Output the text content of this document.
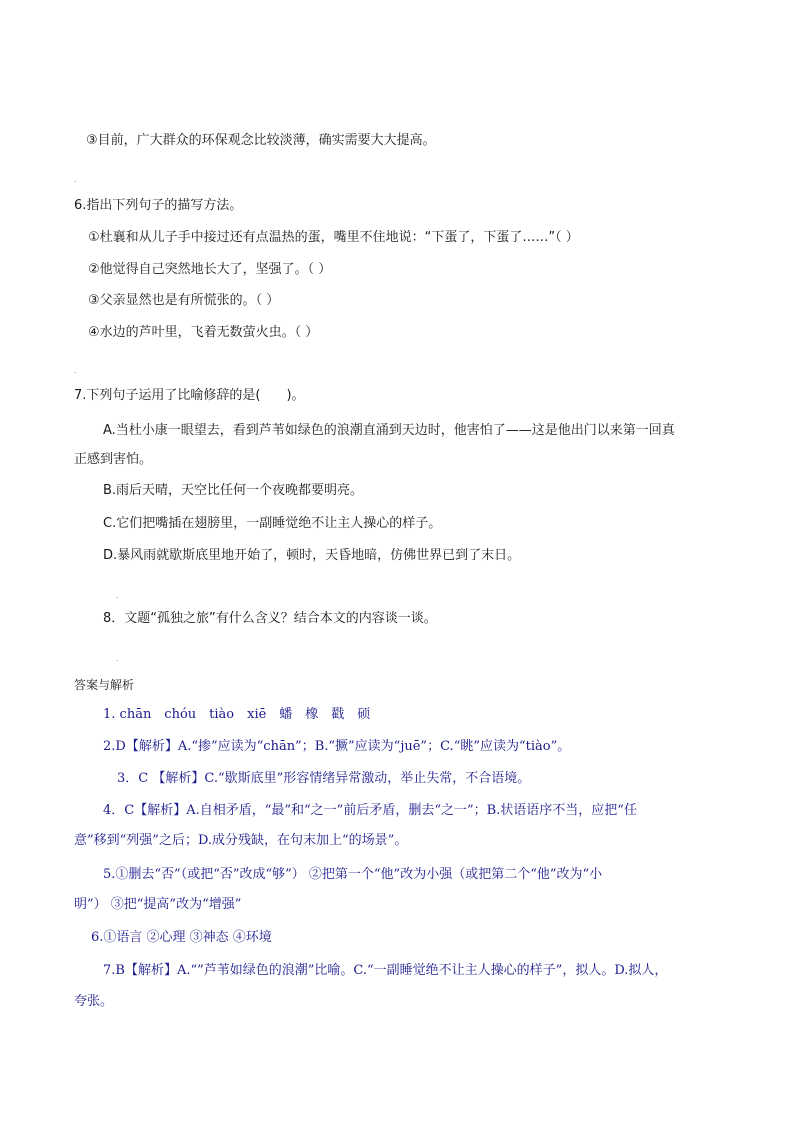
③目前，广大群众的环保观念比较淡薄，确实需要大大提高。
.
6.指出下列句子的描写方法。
①杜襄和从儿子手中接过还有点温热的蛋，嘴里不住地说：“下蛋了，下蛋了……”（ ）
②他觉得自己突然地长大了，坚强了。（ ）
③父亲显然也是有所慌张的。（ ）
④水边的芦叶里，飞着无数萤火虫。（ ）
.
7.下列句子运用了比喻修辞的是(　　)。
A.当杜小康一眼望去，看到芦苇如绿色的浪潮直涌到天边时，他害怕了——这是他出门以来第一回真
正感到害怕。
B.雨后天晴，天空比任何一个夜晚都要明亮。
C.它们把嘴插在翅膀里，一副睡觉绝不让主人操心的样子。
D.暴风雨就歇斯底里地开始了，顿时，天昏地暗，仿佛世界已到了末日。
.
8．文题“孤独之旅”有什么含义？结合本文的内容谈一谈。
.
答案与解析
1. chān　chóu　tiào　xiē　蟠　橡　戳　硕
2.D【解析】A.“掺”应读为“chān”；B.“撅”应读为“juē”；C.“眺”应读为“tiào”。
3．C 【解析】C.“歇斯底里”形容情绪异常激动，举止失常，不合语境。
4．C【解析】A.自相矛盾，“最”和“之一”前后矛盾，删去“之一”；B.状语语序不当，应把“任
意”移到“列强”之后；D.成分残缺，在句末加上“的场景”。
5.①删去“否”（或把“否”改成“够”） ②把第一个“他”改为小强（或把第二个“他”改为“小
明”） ③把“提高”改为“增强”
6.①语言 ②心理 ③神态 ④环境
7.B【解析】A.“”芦苇如绿色的浪潮”比喻。C.“一副睡觉绝不让主人操心的样子”，拟人。D.拟人，
夸张。
